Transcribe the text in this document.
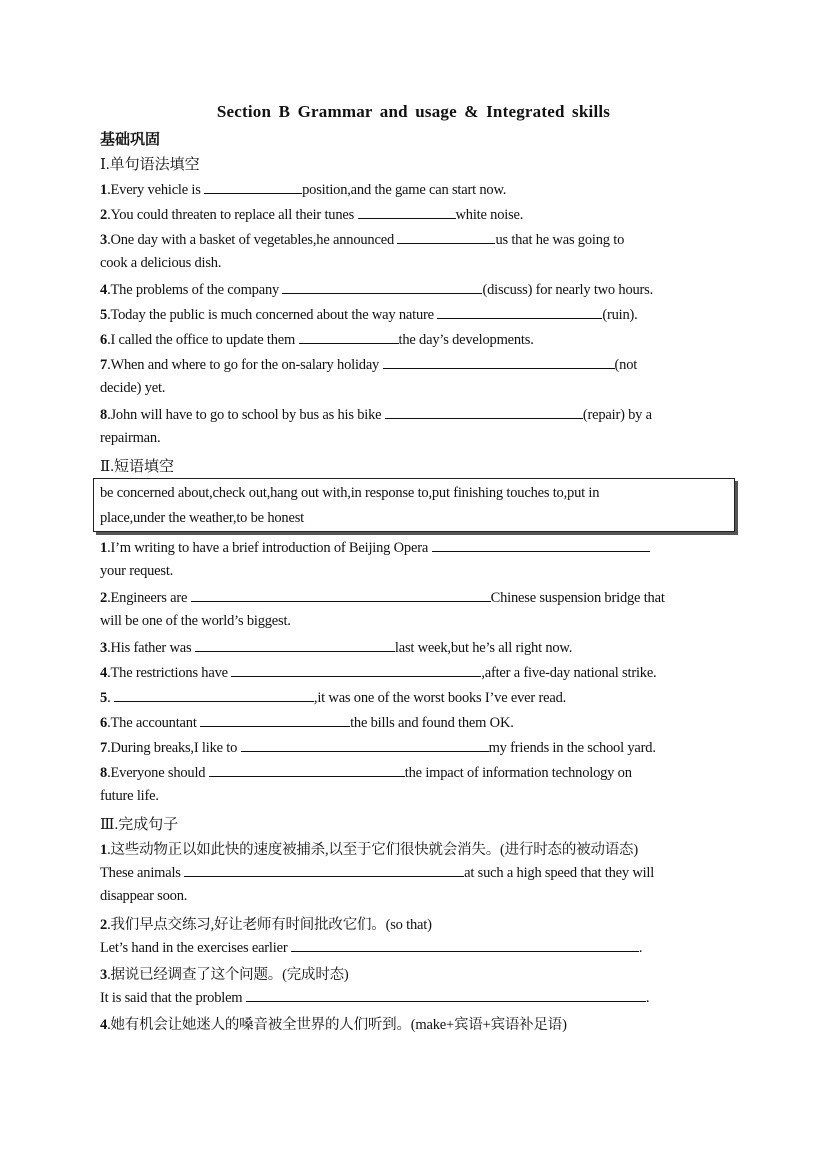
Section B Grammar and usage & Integrated skills
基础巩固
Ⅰ.单句语法填空
1.Every vehicle is	position,and the game can start now.
2.You could threaten to replace all their tunes	white noise.
3.One day with a basket of vegetables,he announced	us that he was going to
cook a delicious dish.
4.The problems of the company	(discuss) for nearly two hours.
5.Today the public is much concerned about the way nature	(ruin).
6.I called the office to update them	the day’s developments.
7.When and where to go for the on-salary holiday	(not
decide) yet.
8.John will have to go to school by bus as his bike	(repair) by a
repairman.
Ⅱ.短语填空
be concerned about,check out,hang out with,in response to,put finishing touches to,put in
place,under the weather,to be honest
1.I’m writing to have a brief introduction of Beijing Opera
your request.
2.Engineers are	Chinese suspension bridge that
will be one of the world’s biggest.
3.His father was	last week,but he’s all right now.
4.The restrictions have	,after a five-day national strike.
5.	,it was one of the worst books I’ve ever read.
6.The accountant	the bills and found them OK.
7.During breaks,I like to	my friends in the school yard.
8.Everyone should	the impact of information technology on
future life.
Ⅲ.完成句子
1.这些动物正以如此快的速度被捕杀,以至于它们很快就会消失。(进行时态的被动语态)
These animals	at such a high speed that they will
disappear soon.
2.我们早点交练习,好让老师有时间批改它们。(so that)
Let’s hand in the exercises earlier	.
3.据说已经调查了这个问题。(完成时态)
It is said that the problem	.
4.她有机会让她迷人的嗓音被全世界的人们听到。(make+宾语+宾语补足语)
